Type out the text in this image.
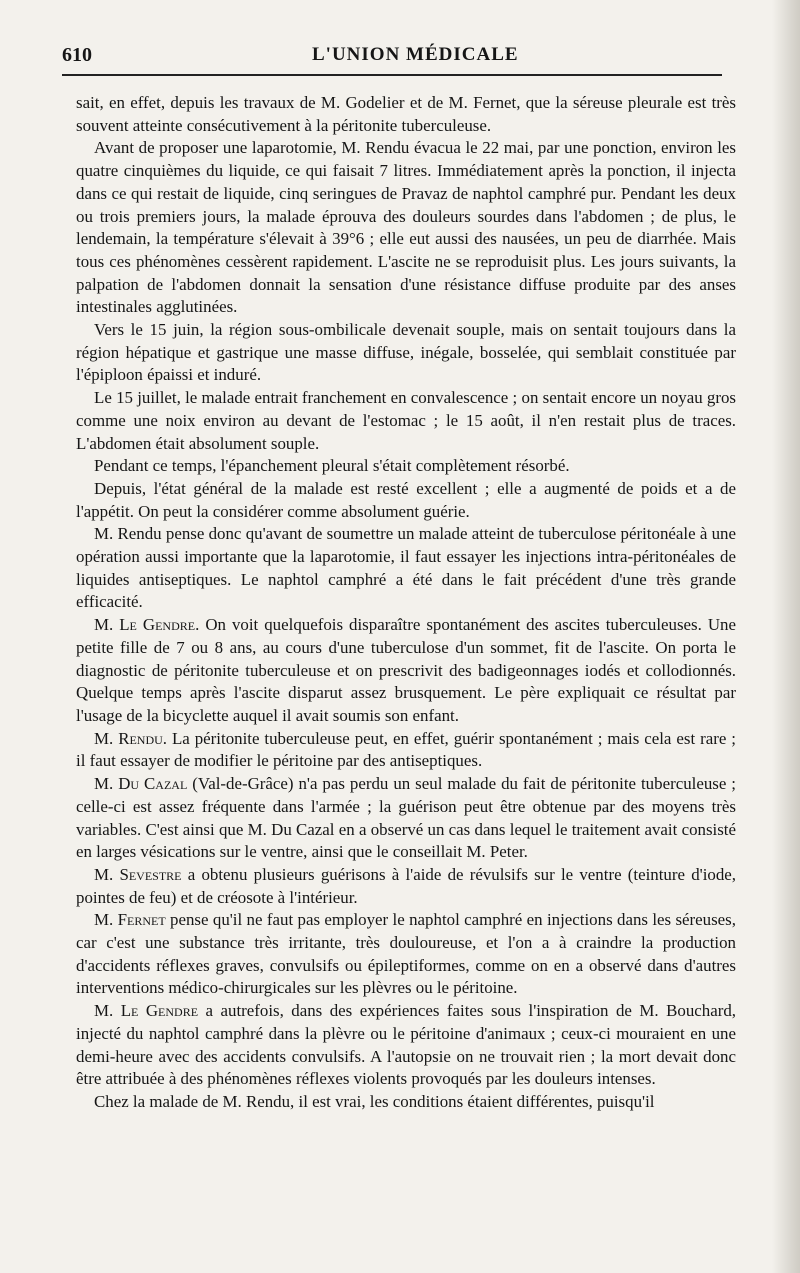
610	L'UNION MÉDICALE

sait, en effet, depuis les travaux de M. Godelier et de M. Fernet, que la séreuse pleurale est très souvent atteinte consécutivement à la péritonite tuberculeuse.

Avant de proposer une laparotomie, M. Rendu évacua le 22 mai, par une ponction, environ les quatre cinquièmes du liquide, ce qui faisait 7 litres. Immédiatement après la ponction, il injecta dans ce qui restait de liquide, cinq seringues de Pravaz de naphtol camphré pur. Pendant les deux ou trois premiers jours, la malade éprouva des douleurs sourdes dans l'abdomen ; de plus, le lendemain, la température s'élevait à 39°6 ; elle eut aussi des nausées, un peu de diarrhée. Mais tous ces phénomènes cessèrent rapidement. L'ascite ne se reproduisit plus. Les jours suivants, la palpation de l'abdomen donnait la sensation d'une résistance diffuse produite par des anses intestinales agglutinées.

Vers le 15 juin, la région sous-ombilicale devenait souple, mais on sentait toujours dans la région hépatique et gastrique une masse diffuse, inégale, bosselée, qui semblait constituée par l'épiploon épaissi et induré.

Le 15 juillet, le malade entrait franchement en convalescence ; on sentait encore un noyau gros comme une noix environ au devant de l'estomac ; le 15 août, il n'en restait plus de traces. L'abdomen était absolument souple.

Pendant ce temps, l'épanchement pleural s'était complètement résorbé.

Depuis, l'état général de la malade est resté excellent ; elle a augmenté de poids et a de l'appétit. On peut la considérer comme absolument guérie.

M. Rendu pense donc qu'avant de soumettre un malade atteint de tuberculose péritonéale à une opération aussi importante que la laparotomie, il faut essayer les injections intra-péritonéales de liquides antiseptiques. Le naphtol camphré a été dans le fait précédent d'une très grande efficacité.

M. Le Gendre. On voit quelquefois disparaître spontanément des ascites tuberculeuses. Une petite fille de 7 ou 8 ans, au cours d'une tuberculose d'un sommet, fit de l'ascite. On porta le diagnostic de péritonite tuberculeuse et on prescrivit des badigeonnages iodés et collodionnés. Quelque temps après l'ascite disparut assez brusquement. Le père expliquait ce résultat par l'usage de la bicyclette auquel il avait soumis son enfant.

M. Rendu. La péritonite tuberculeuse peut, en effet, guérir spontanément ; mais cela est rare ; il faut essayer de modifier le péritoine par des antiseptiques.

M. Du Cazal (Val-de-Grâce) n'a pas perdu un seul malade du fait de péritonite tuberculeuse ; celle-ci est assez fréquente dans l'armée ; la guérison peut être obtenue par des moyens très variables. C'est ainsi que M. Du Cazal en a observé un cas dans lequel le traitement avait consisté en larges vésications sur le ventre, ainsi que le conseillait M. Peter.

M. Sevestre a obtenu plusieurs guérisons à l'aide de révulsifs sur le ventre (teinture d'iode, pointes de feu) et de créosote à l'intérieur.

M. Fernet pense qu'il ne faut pas employer le naphtol camphré en injections dans les séreuses, car c'est une substance très irritante, très douloureuse, et l'on a à craindre la production d'accidents réflexes graves, convulsifs ou épileptiformes, comme on en a observé dans d'autres interventions médico-chirurgicales sur les plèvres ou le péritoine.

M. Le Gendre a autrefois, dans des expériences faites sous l'inspiration de M. Bouchard, injecté du naphtol camphré dans la plèvre ou le péritoine d'animaux ; ceux-ci mouraient en une demi-heure avec des accidents convulsifs. A l'autopsie on ne trouvait rien ; la mort devait donc être attribuée à des phénomènes réflexes violents provoqués par les douleurs intenses.

Chez la malade de M. Rendu, il est vrai, les conditions étaient différentes, puisqu'il
